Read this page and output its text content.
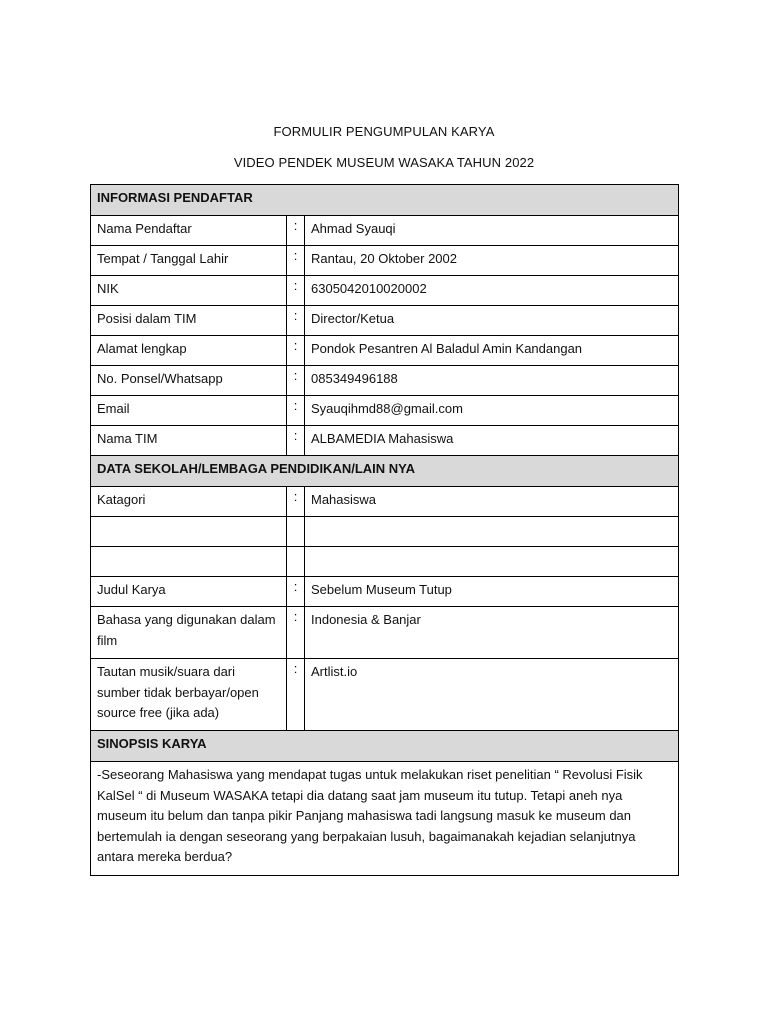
FORMULIR PENGUMPULAN KARYA
VIDEO PENDEK MUSEUM WASAKA TAHUN 2022
INFORMASI PENDAFTAR		
Nama Pendaftar	:	Ahmad Syauqi
Tempat / Tanggal Lahir	:	Rantau, 20 Oktober 2002
NIK	:	6305042010020002
Posisi dalam TIM	:	Director/Ketua
Alamat lengkap	:	Pondok Pesantren Al Baladul Amin Kandangan
No. Ponsel/Whatsapp	:	085349496188
Email	:	Syauqihmd88@gmail.com
Nama TIM	:	ALBAMEDIA Mahasiswa
DATA SEKOLAH/LEMBAGA PENDIDIKAN/LAIN NYA		
Katagori	:	Mahasiswa

Judul Karya	:	Sebelum Museum Tutup
Bahasa yang digunakan dalam film	:	Indonesia & Banjar
Tautan musik/suara dari sumber tidak berbayar/open source free (jika ada)	:	Artlist.io
SINOPSIS KARYA		
-Seseorang Mahasiswa yang mendapat tugas untuk melakukan riset penelitian “ Revolusi Fisik KalSel “ di Museum WASAKA tetapi dia datang saat jam museum itu tutup. Tetapi aneh nya museum itu belum dan tanpa pikir Panjang mahasiswa tadi langsung masuk ke museum dan bertemulah ia dengan seseorang yang berpakaian lusuh, bagaimanakah kejadian selanjutnya antara mereka berdua?		
